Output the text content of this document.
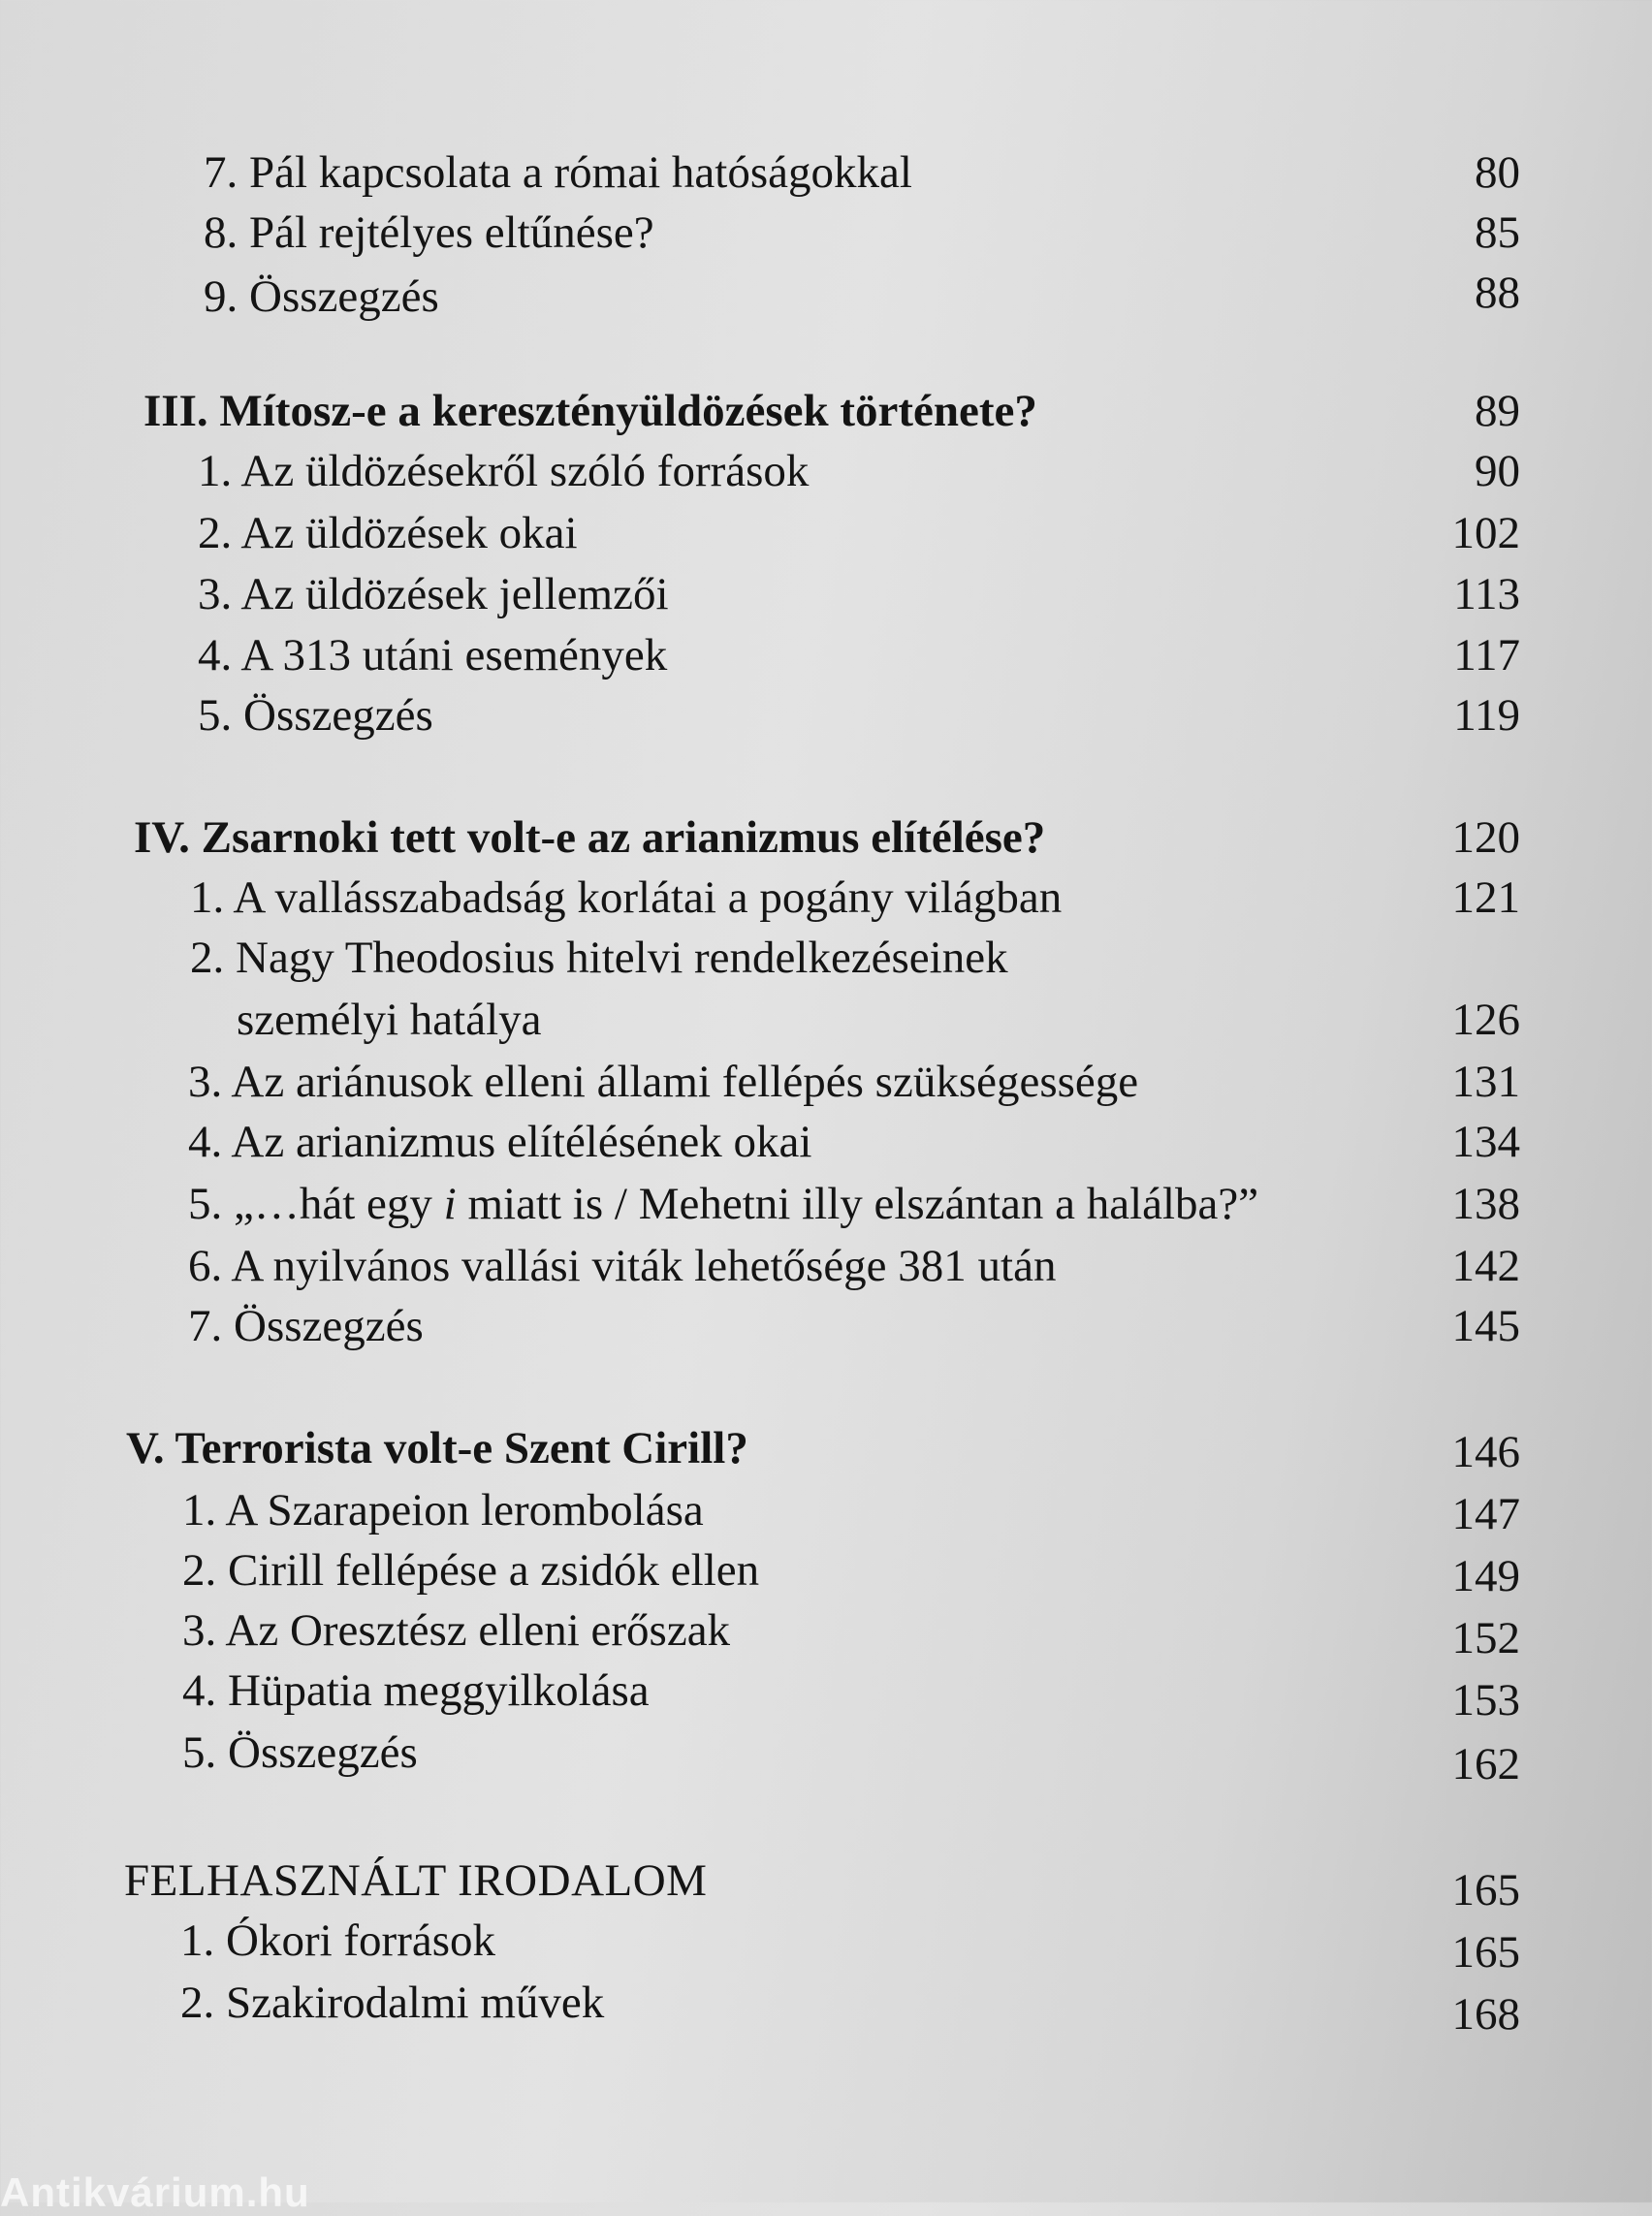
7. Pál kapcsolata a római hatóságokkal	80
8. Pál rejtélyes eltűnése?	85
9. Összegzés	88
III. Mítosz-e a keresztényüldözések története?	89
1. Az üldözésekről szóló források	90
2. Az üldözések okai	102
3. Az üldözések jellemzői	113
4. A 313 utáni események	117
5. Összegzés	119
IV. Zsarnoki tett volt-e az arianizmus elítélése?	120
1. A vallásszabadság korlátai a pogány világban	121
2. Nagy Theodosius hitelvi rendelkezéseinek
személyi hatálya	126
3. Az ariánusok elleni állami fellépés szükségessége	131
4. Az arianizmus elítélésének okai	134
5. „…hát egy i miatt is / Mehetni illy elszántan a halálba?”	138
6. A nyilvános vallási viták lehetősége 381 után	142
7. Összegzés	145
V. Terrorista volt-e Szent Cirill?	146
1. A Szarapeion lerombolása	147
2. Cirill fellépése a zsidók ellen	149
3. Az Oresztész elleni erőszak	152
4. Hüpatia meggyilkolása	153
5. Összegzés	162
FELHASZNÁLT IRODALOM	165
1. Ókori források	165
2. Szakirodalmi művek	168
Antikvárium.hu
